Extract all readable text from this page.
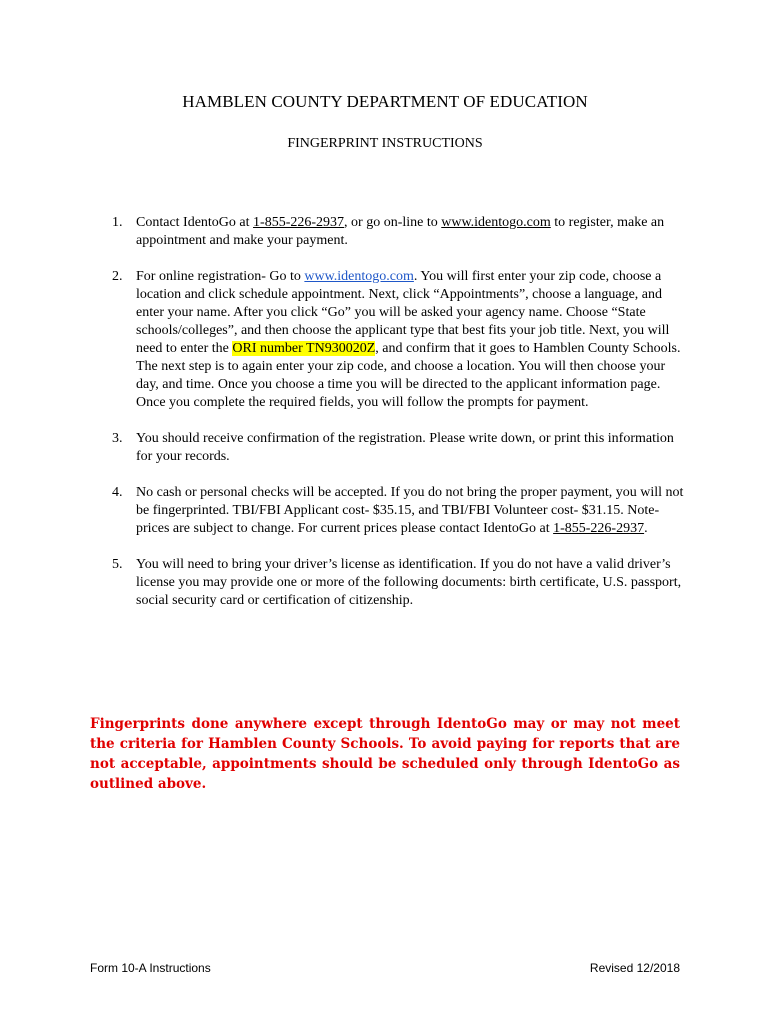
HAMBLEN COUNTY DEPARTMENT OF EDUCATION
FINGERPRINT INSTRUCTIONS
1. Contact IdentoGo at 1-855-226-2937, or go on-line to www.identogo.com to register, make an appointment and make your payment.
2. For online registration- Go to www.identogo.com. You will first enter your zip code, choose a location and click schedule appointment. Next, click “Appointments”, choose a language, and enter your name. After you click “Go” you will be asked your agency name. Choose “State schools/colleges”, and then choose the applicant type that best fits your job title. Next, you will need to enter the ORI number TN930020Z, and confirm that it goes to Hamblen County Schools. The next step is to again enter your zip code, and choose a location. You will then choose your day, and time. Once you choose a time you will be directed to the applicant information page. Once you complete the required fields, you will follow the prompts for payment.
3. You should receive confirmation of the registration. Please write down, or print this information for your records.
4. No cash or personal checks will be accepted. If you do not bring the proper payment, you will not be fingerprinted. TBI/FBI Applicant cost- $35.15, and TBI/FBI Volunteer cost- $31.15. Note- prices are subject to change. For current prices please contact IdentoGo at 1-855-226-2937.
5. You will need to bring your driver’s license as identification. If you do not have a valid driver’s license you may provide one or more of the following documents: birth certificate, U.S. passport, social security card or certification of citizenship.

Fingerprints done anywhere except through IdentoGo may or may not meet the criteria for Hamblen County Schools. To avoid paying for reports that are not acceptable, appointments should be scheduled only through IdentoGo as outlined above.

Form 10-A Instructions	Revised 12/2018
